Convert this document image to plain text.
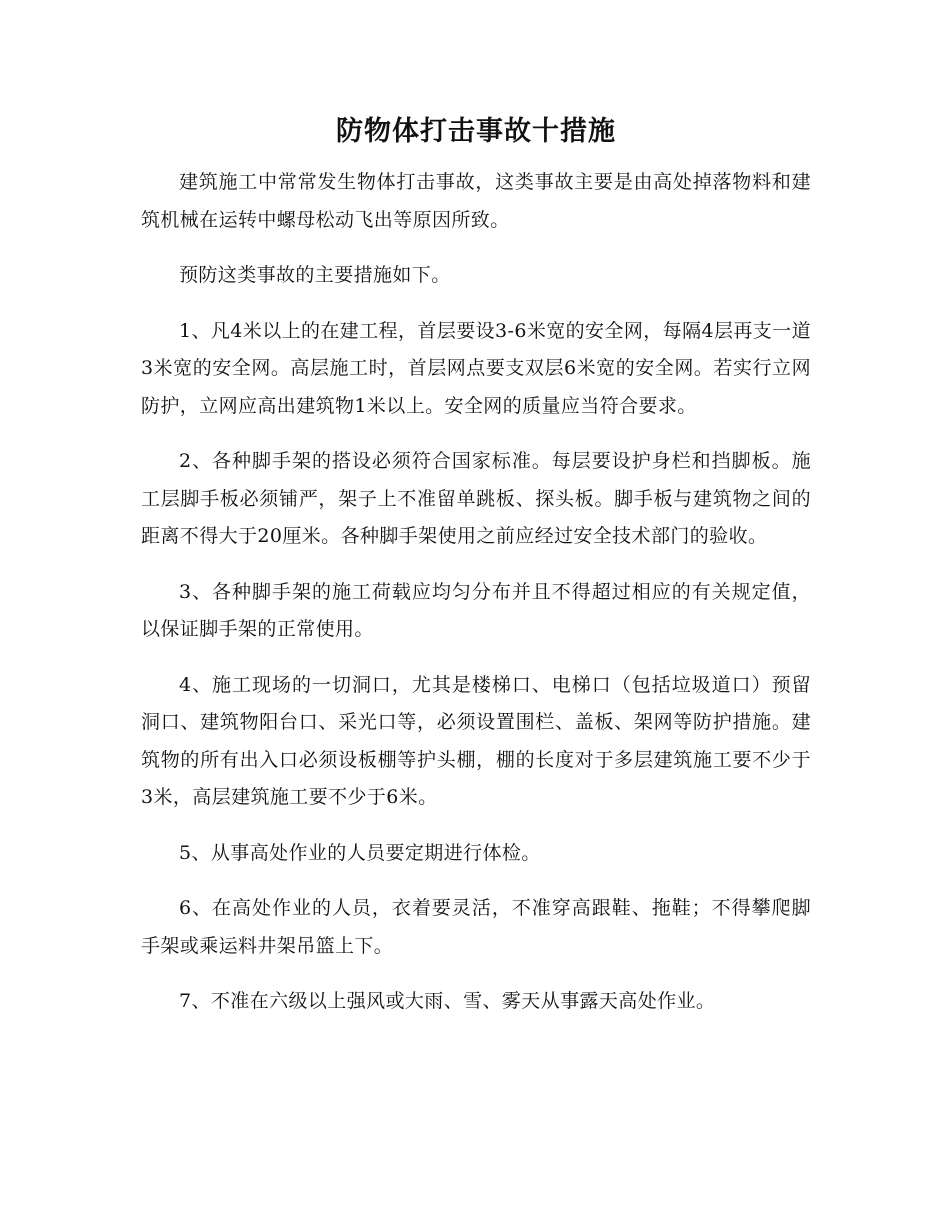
防物体打击事故十措施

建筑施工中常常发生物体打击事故，这类事故主要是由高处掉落物料和建筑机械在运转中螺母松动飞出等原因所致。

预防这类事故的主要措施如下。

1、凡4米以上的在建工程，首层要设3-6米宽的安全网，每隔4层再支一道3米宽的安全网。高层施工时，首层网点要支双层6米宽的安全网。若实行立网防护，立网应高出建筑物1米以上。安全网的质量应当符合要求。

2、各种脚手架的搭设必须符合国家标准。每层要设护身栏和挡脚板。施工层脚手板必须铺严，架子上不准留单跳板、探头板。脚手板与建筑物之间的距离不得大于20厘米。各种脚手架使用之前应经过安全技术部门的验收。

3、各种脚手架的施工荷载应均匀分布并且不得超过相应的有关规定值，以保证脚手架的正常使用。

4、施工现场的一切洞口，尤其是楼梯口、电梯口（包括垃圾道口）预留洞口、建筑物阳台口、采光口等，必须设置围栏、盖板、架网等防护措施。建筑物的所有出入口必须设板棚等护头棚，棚的长度对于多层建筑施工要不少于3米，高层建筑施工要不少于6米。

5、从事高处作业的人员要定期进行体检。

6、在高处作业的人员，衣着要灵活，不准穿高跟鞋、拖鞋；不得攀爬脚手架或乘运料井架吊篮上下。

7、不准在六级以上强风或大雨、雪、雾天从事露天高处作业。
